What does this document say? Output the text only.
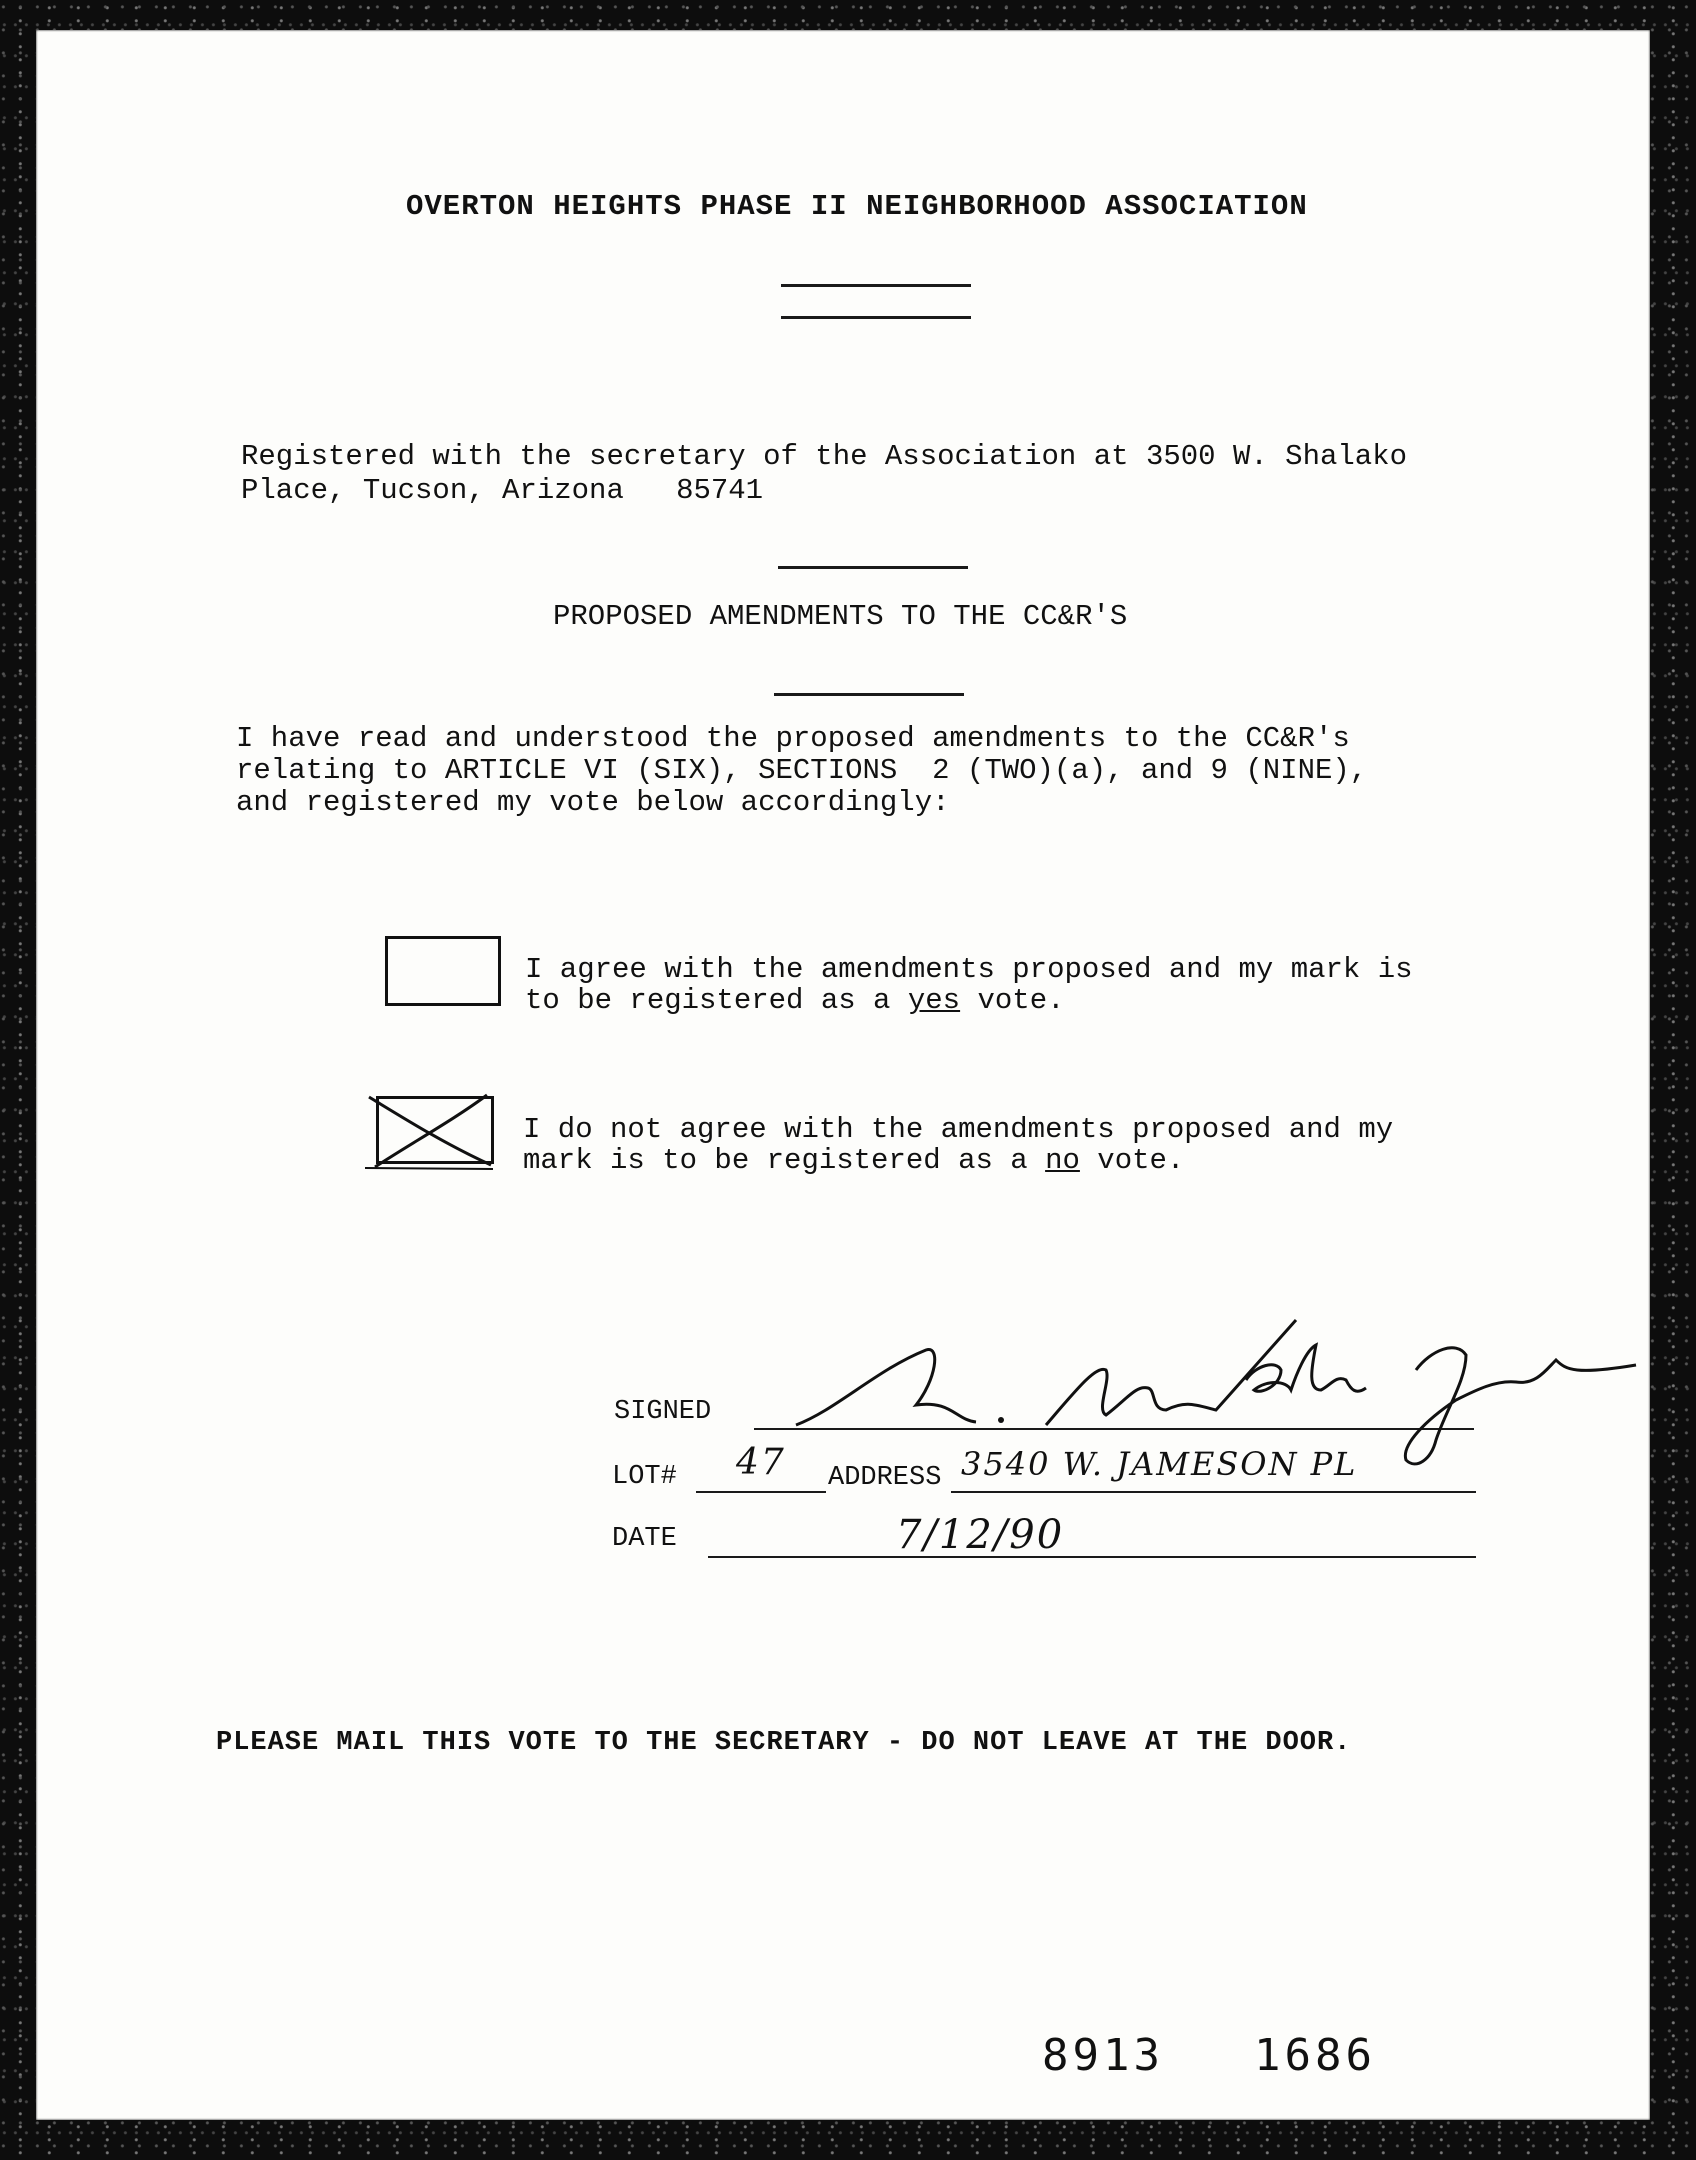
OVERTON HEIGHTS PHASE II NEIGHBORHOOD ASSOCIATION
Registered with the secretary of the Association at 3500 W. Shalako
Place, Tucson, Arizona   85741
PROPOSED AMENDMENTS TO THE CC&R'S
I have read and understood the proposed amendments to the CC&R's
relating to ARTICLE VI (SIX), SECTIONS  2 (TWO)(a), and 9 (NINE),
and registered my vote below accordingly:
I agree with the amendments proposed and my mark is
to be registered as a yes vote.
I do not agree with the amendments proposed and my
mark is to be registered as a no vote.
SIGNED
LOT# 47 ADDRESS 3540 W. JAMESON PL
DATE	7/12/90
PLEASE MAIL THIS VOTE TO THE SECRETARY - DO NOT LEAVE AT THE DOOR.
8913 1686
